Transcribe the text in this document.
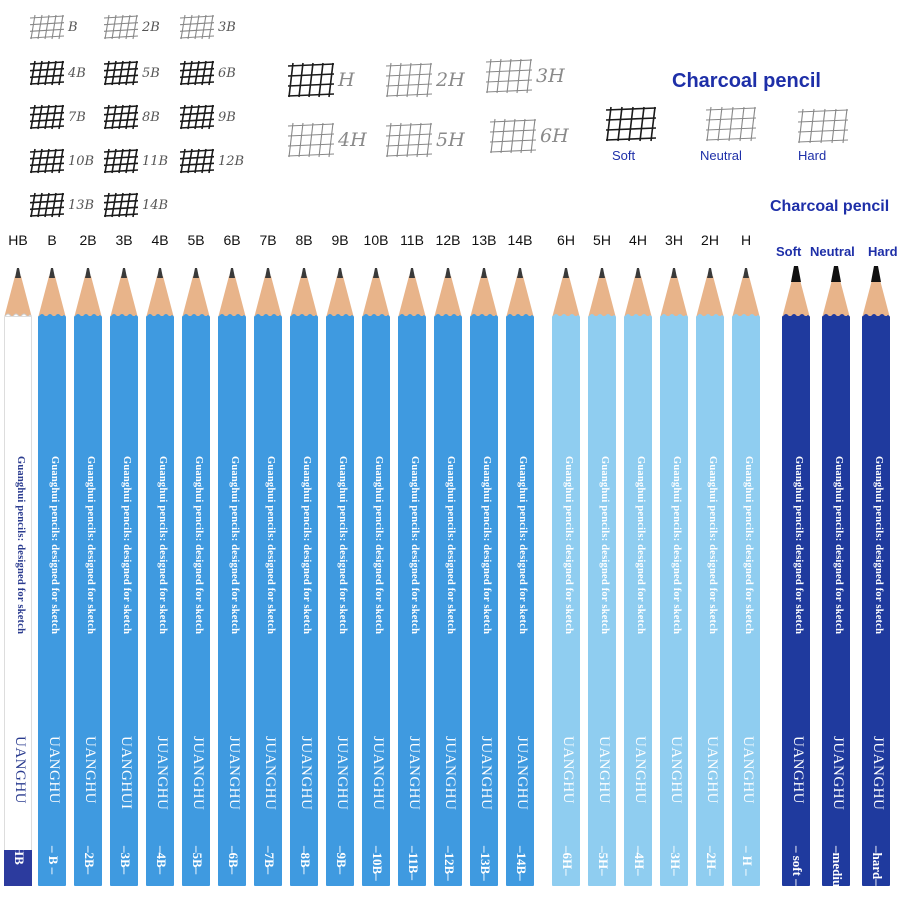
B	2B	3B
4B	5B	6B
7B	8B	9B
10B	11B	12B
13B	14B
H	2H	3H
4H	5H	6H
Charcoal pencil
Soft	Neutral	Hard
Charcoal pencil
HB	B	2B	3B	4B	5B	6B	7B	8B	9B	10B 11B 12B 13B 14B	6H	5H	4H	3H	2H	H
Soft Neutral Hard
Guanghui pencils: designed for sketch
UANGHU
HB
Guanghui pencils: designed for sketch
UANGHU
– B –
Guanghui pencils: designed for sketch
UANGHU
–2B–
Guanghui pencils: designed for sketch
UANGHUI
–3B–
Guanghui pencils: designed for sketch
JUANGHU
–4B–
Guanghui pencils: designed for sketch
JUANGHU
–5B–
Guanghui pencils: designed for sketch
JUANGHU
–6B–
Guanghui pencils: designed for sketch
JUANGHU
–7B–
Guanghui pencils: designed for sketch
JUANGHU
–8B–
Guanghui pencils: designed for sketch
JUANGHU
–9B–
Guanghui pencils: designed for sketch
JUANGHU
–10B–
Guanghui pencils: designed for sketch
JUANGHU
–11B–
Guanghui pencils: designed for sketch
JUANGHU
–12B–
Guanghui pencils: designed for sketch
JUANGHU
–13B–
Guanghui pencils: designed for sketch
JUANGHU
–14B–
Guanghui pencils: designed for sketch
UANGHU
–6H–
Guanghui pencils: designed for sketch
UANGHU
–5H–
Guanghui pencils: designed for sketch
UANGHU
–4H–
Guanghui pencils: designed for sketch
UANGHU
–3H–
Guanghui pencils: designed for sketch
UANGHU
–2H–
Guanghui pencils: designed for sketch
UANGHU
– H –
Guanghui pencils: designed for sketch
UANGHU
– soft –
Guanghui pencils: designed for sketch
JUANGHU
–medium–
Guanghui pencils: designed for sketch
JUANGHU
–hard–
